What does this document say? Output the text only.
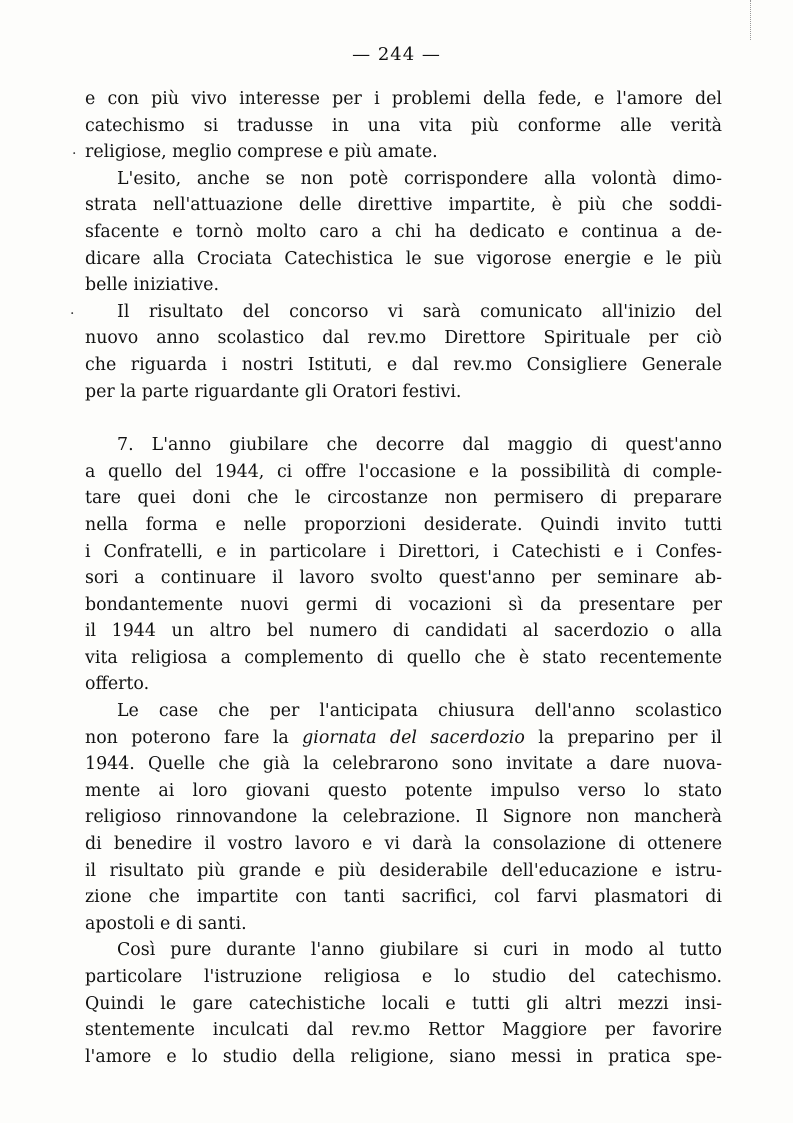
— 244 —
·
·
e con più vivo interesse per i problemi della fede, e l'amore del
catechismo si tradusse in una vita più conforme alle verità
religiose, meglio comprese e più amate.
L'esito, anche se non potè corrispondere alla volontà dimo-
strata nell'attuazione delle direttive impartite, è più che soddi-
sfacente e tornò molto caro a chi ha dedicato e continua a de-
dicare alla Crociata Catechistica le sue vigorose energie e le più
belle iniziative.
Il risultato del concorso vi sarà comunicato all'inizio del
nuovo anno scolastico dal rev.mo Direttore Spirituale per ciò
che riguarda i nostri Istituti, e dal rev.mo Consigliere Generale
per la parte riguardante gli Oratori festivi.
7. L'anno giubilare che decorre dal maggio di quest'anno
a quello del 1944, ci offre l'occasione e la possibilità di comple-
tare quei doni che le circostanze non permisero di preparare
nella forma e nelle proporzioni desiderate. Quindi invito tutti
i Confratelli, e in particolare i Direttori, i Catechisti e i Confes-
sori a continuare il lavoro svolto quest'anno per seminare ab-
bondantemente nuovi germi di vocazioni sì da presentare per
il 1944 un altro bel numero di candidati al sacerdozio o alla
vita religiosa a complemento di quello che è stato recentemente
offerto.
Le case che per l'anticipata chiusura dell'anno scolastico
non poterono fare la giornata del sacerdozio la preparino per il
1944. Quelle che già la celebrarono sono invitate a dare nuova-
mente ai loro giovani questo potente impulso verso lo stato
religioso rinnovandone la celebrazione. Il Signore non mancherà
di benedire il vostro lavoro e vi darà la consolazione di ottenere
il risultato più grande e più desiderabile dell'educazione e istru-
zione che impartite con tanti sacrifici, col farvi plasmatori di
apostoli e di santi.
Così pure durante l'anno giubilare si curi in modo al tutto
particolare l'istruzione religiosa e lo studio del catechismo.
Quindi le gare catechistiche locali e tutti gli altri mezzi insi-
stentemente inculcati dal rev.mo Rettor Maggiore per favorire
l'amore e lo studio della religione, siano messi in pratica spe-
